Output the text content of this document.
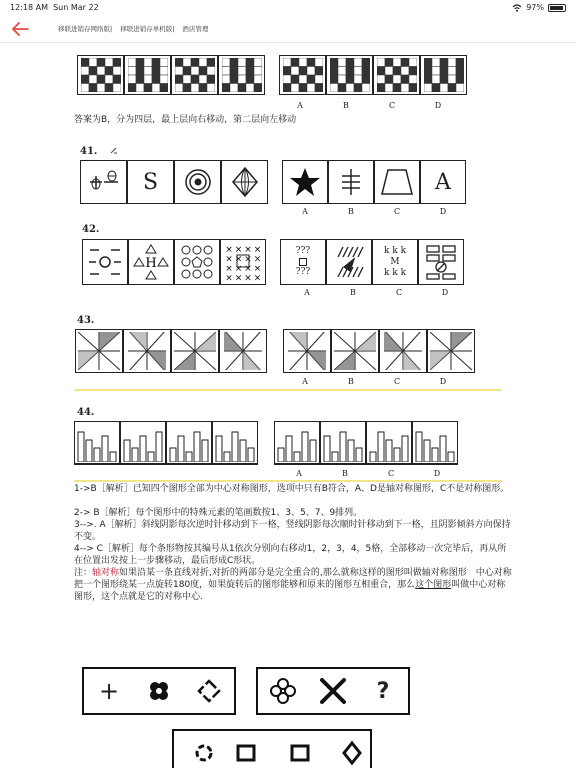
12:18 AM Sun Mar 22	97%
移联进销存网络版| 移联进销存单机版| 酒店管理
A	B	C	D
答案为B，分为四层，最上层向右移动，第二层向左移动
41.
S	A
A	B	C	D
42.
H
× × × ×
× × × ×
× × × ×
× × × ×
???
???
k k k
M
k k k
A	B	C	D
43.
A	B	C	D
44.
A	B	C	D
1->B［解析］已知四个图形全部为中心对称图形，选项中只有B符合，A、D是轴对称图形，C不是对称图形。
2-> B［解析］每个图形中的特殊元素的笔画数按1、3、5、7、9排列。
3-->. A［解析］斜线阴影每次逆时针移动到下一格，竖线阴影每次顺时针移动到下一格，且阴影倾斜方向保持不变。
4--> C［解析］每个条形物按其编号从1依次分别向右移动1，2，3，4，5格，全部移动一次完毕后，再从所在位置出发按上一步骤移动，最后形成C形状。
注：轴对称如果沿某一条直线对折,对折的两部分是完全重合的,那么就称这样的图形叫做轴对称图形　中心对称　把一个图形绕某一点旋转180度，如果旋转后的图形能够和原来的图形互相重合，那么这个图形叫做中心对称图形，这个点就是它的对称中心.
+	?
